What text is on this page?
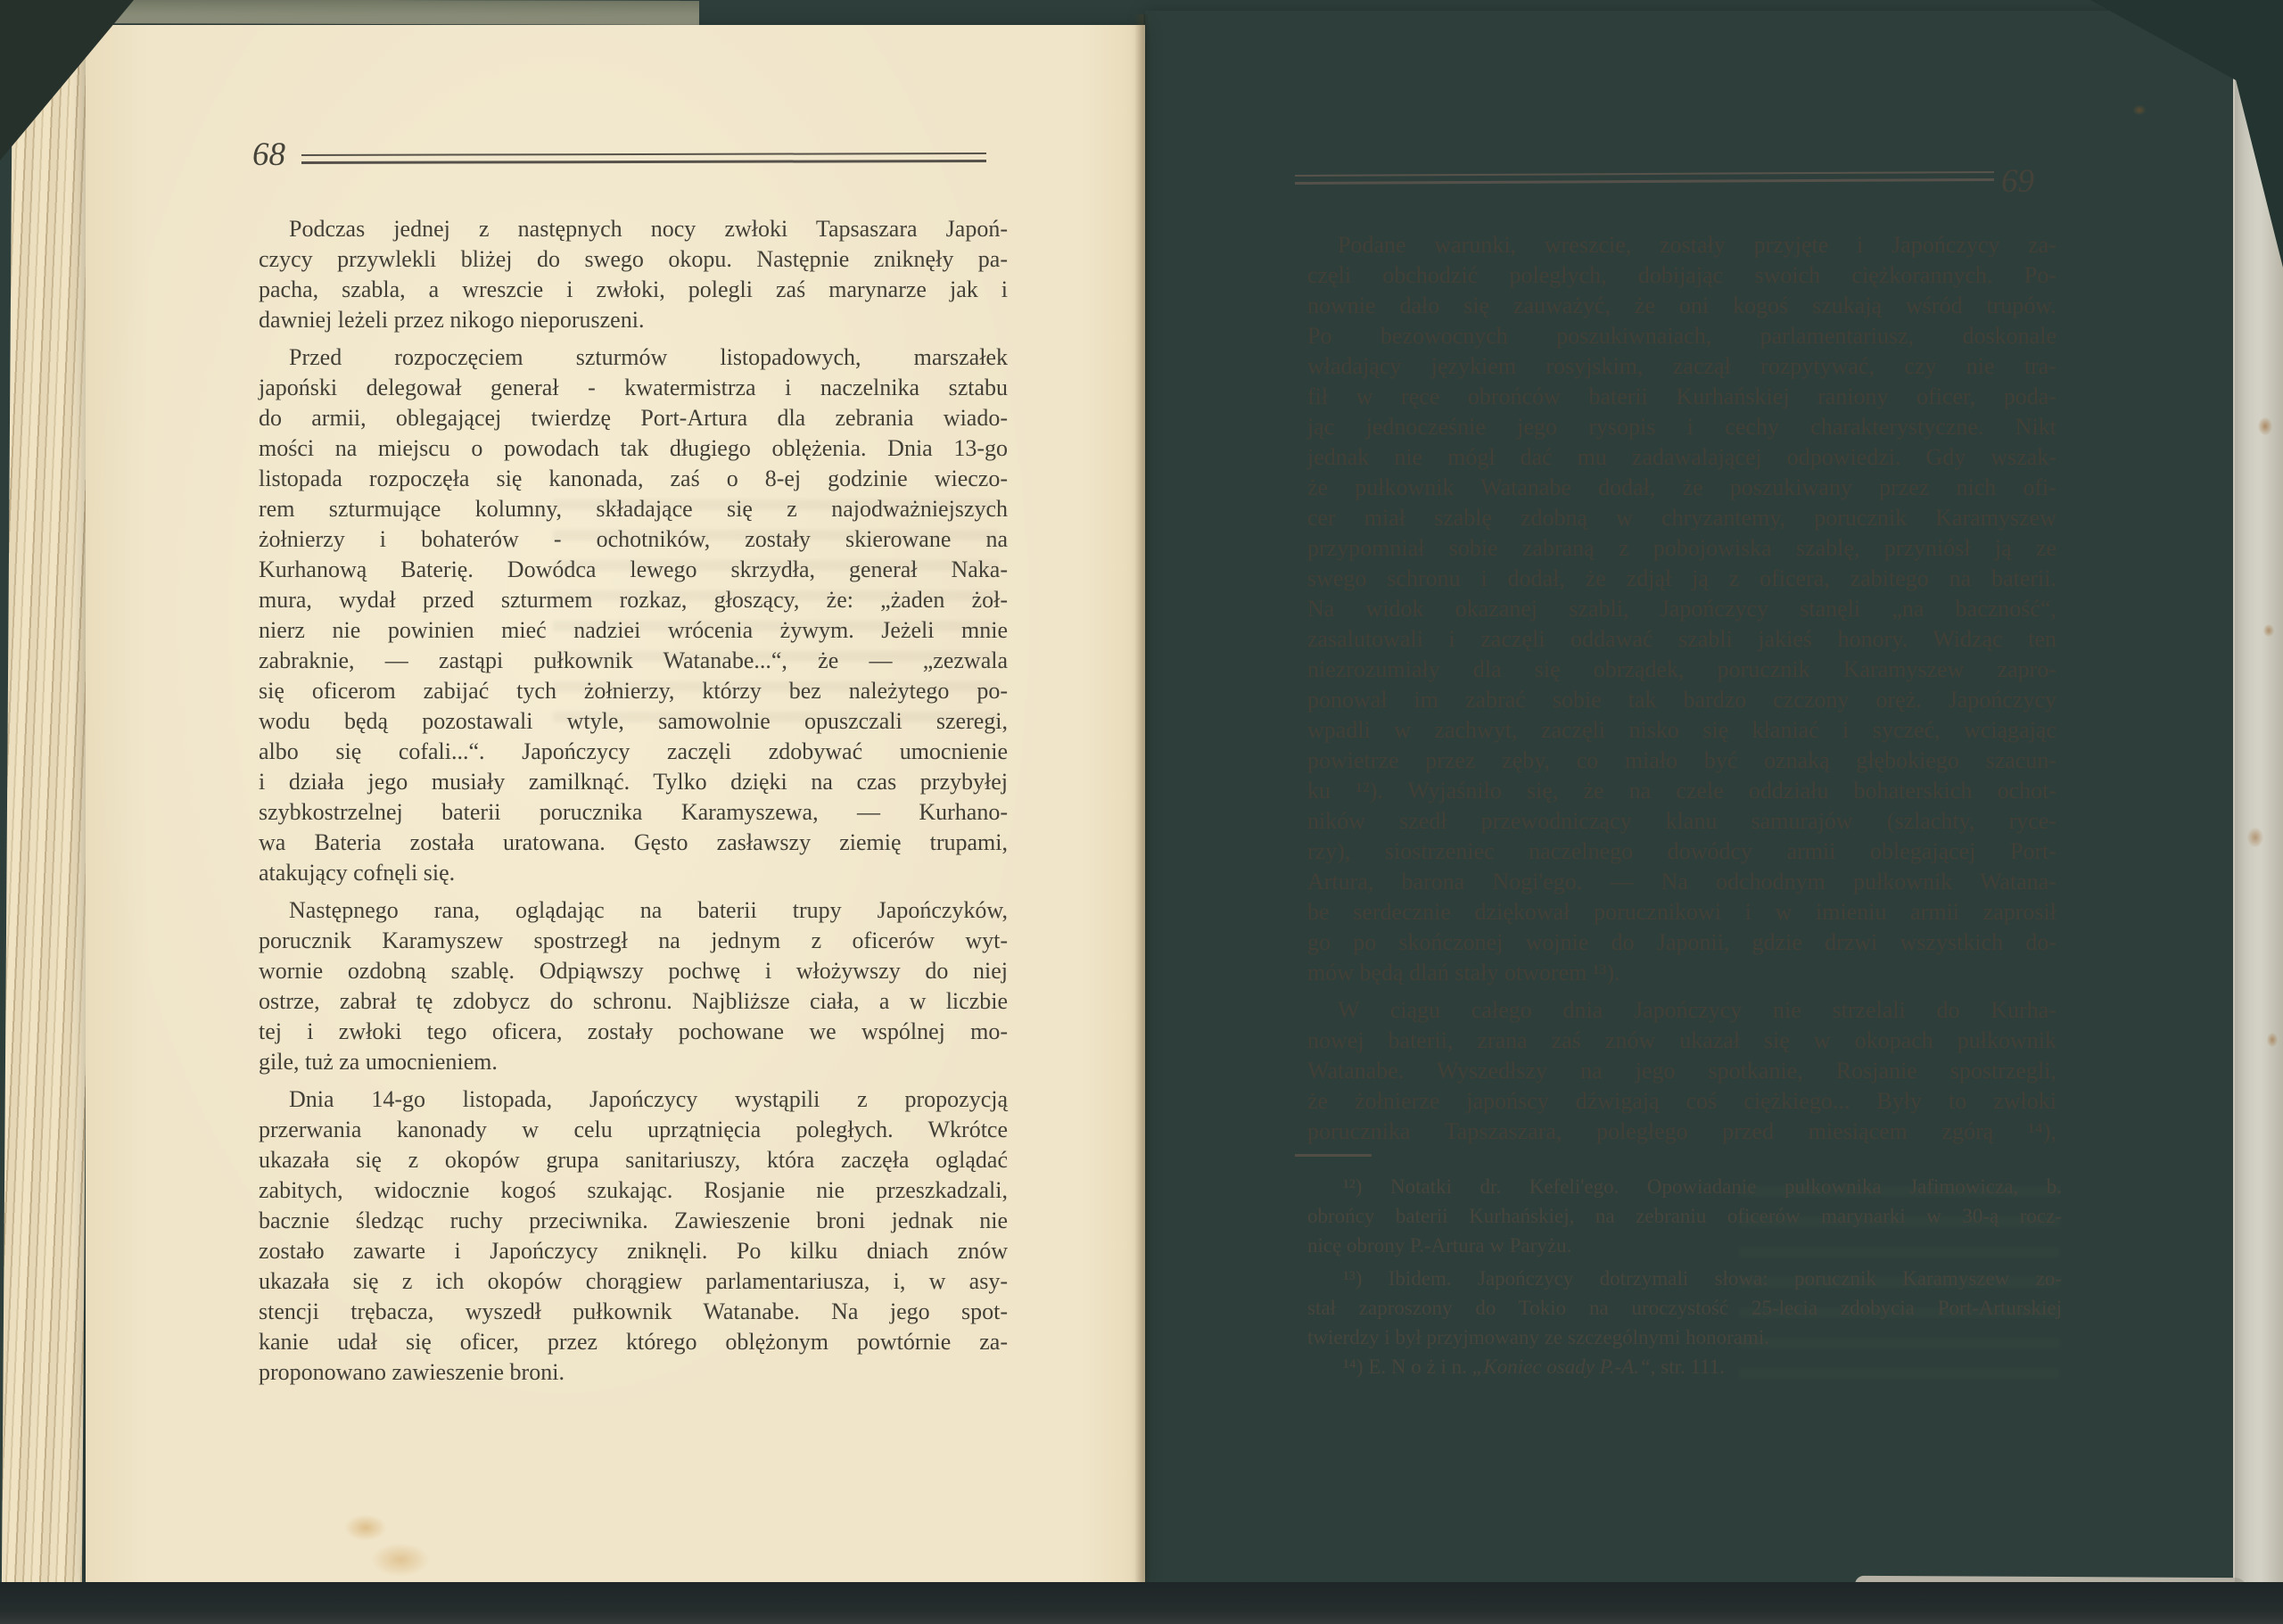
68
69
Podczas jednej z następnych nocy zwłoki Tapsaszara Japoń-
czycy przywlekli bliżej do swego okopu. Następnie zniknęły pa-
pacha, szabla, a wreszcie i zwłoki, polegli zaś marynarze jak i
dawniej leżeli przez nikogo nieporuszeni.
Przed rozpoczęciem szturmów listopadowych, marszałek
japoński delegował generał - kwatermistrza i naczelnika sztabu
do armii, oblegającej twierdzę Port-Artura dla zebrania wiado-
mości na miejscu o powodach tak długiego oblężenia. Dnia 13-go
listopada rozpoczęła się kanonada, zaś o 8-ej godzinie wieczo-
rem szturmujące kolumny, składające się z najodważniejszych
żołnierzy i bohaterów - ochotników, zostały skierowane na
Kurhanową Baterię. Dowódca lewego skrzydła, generał Naka-
mura, wydał przed szturmem rozkaz, głoszący, że: „żaden żoł-
nierz nie powinien mieć nadziei wrócenia żywym. Jeżeli mnie
zabraknie, — zastąpi pułkownik Watanabe...“, że — „zezwala
się oficerom zabijać tych żołnierzy, którzy bez należytego po-
wodu będą pozostawali wtyle, samowolnie opuszczali szeregi,
albo się cofali...“. Japończycy zaczęli zdobywać umocnienie
i działa jego musiały zamilknąć. Tylko dzięki na czas przybyłej
szybkostrzelnej baterii porucznika Karamyszewa, — Kurhano-
wa Bateria została uratowana. Gęsto zasławszy ziemię trupami,
atakujący cofnęli się.
Następnego rana, oglądając na baterii trupy Japończyków,
porucznik Karamyszew spostrzegł na jednym z oficerów wyt-
wornie ozdobną szablę. Odpiąwszy pochwę i włożywszy do niej
ostrze, zabrał tę zdobycz do schronu. Najbliższe ciała, a w liczbie
tej i zwłoki tego oficera, zostały pochowane we wspólnej mo-
gile, tuż za umocnieniem.
Dnia 14-go listopada, Japończycy wystąpili z propozycją
przerwania kanonady w celu uprzątnięcia poległych. Wkrótce
ukazała się z okopów grupa sanitariuszy, która zaczęła oglądać
zabitych, widocznie kogoś szukając. Rosjanie nie przeszkadzali,
bacznie śledząc ruchy przeciwnika. Zawieszenie broni jednak nie
zostało zawarte i Japończycy zniknęli. Po kilku dniach znów
ukazała się z ich okopów chorągiew parlamentariusza, i, w asy-
stencji trębacza, wyszedł pułkownik Watanabe. Na jego spot-
kanie udał się oficer, przez którego oblężonym powtórnie za-
proponowano zawieszenie broni.
Podane warunki, wreszcie, zostały przyjęte i Japończycy za-
częli obchodzić poległych, dobijając swoich ciężkorannych. Po-
nownie dało się zauważyć, że oni kogoś szukają wśród trupów.
Po bezowocnych poszukiwnaiach, parlamentariusz, doskonale
władający językiem rosyjskim, zaczął rozpytywać, czy nie tra-
fił w ręce obrońców baterii Kurhańskiej raniony oficer, poda-
jąc jednocześnie jego rysopis i cechy charakterystyczne. Nikt
jednak nie mógł dać mu zadawalającej odpowiedzi. Gdy wszak-
że pułkownik Watanabe dodał, że poszukiwany przez nich ofi-
cer miał szablę zdobną w chryzantemy, porucznik Karamyszew
przypomniał sobie zabraną z pobojowiska szablę, przyniósł ją ze
swego schronu i dodał, że zdjął ją z oficera, zabitego na baterii.
Na widok okazanej szabli, Japończycy stanęli „na baczność“,
zasalutowali i zaczęli oddawać szabli jakieś honory. Widząc ten
niezrozumiały dla się obrządek, porucznik Karamyszew zapro-
ponował im zabrać sobie tak bardzo czczony oręż. Japończycy
wpadli w zachwyt, zaczęli nisko się kłaniać i syczeć, wciągając
powietrze przez zęby, co miało być oznaką głębokiego szacun-
ku ¹²). Wyjaśniło się, że na czele oddziału bohaterskich ochot-
ników szedł przewodniczący klanu samurajów (szlachty, ryce-
rzy), siostrzeniec naczelnego dowódcy armii oblegającej Port-
Artura, barona Nogi'ego. — Na odchodnym pułkownik Watana-
be serdecznie dziękował porucznikowi i w imieniu armii zaprosił
go po skończonej wojnie do Japonii, gdzie drzwi wszystkich do-
mów będą dlań stały otworem ¹³).
W ciągu całego dnia Japończycy nie strzelali do Kurha-
nowej baterii, zrana zaś znów ukazał się w okopach pułkownik
Watanabe. Wyszedłszy na jego spotkanie, Rosjanie spostrzegli,
że żołnierze japońscy dźwigają coś ciężkiego... Były to zwłoki
porucznika Tapszaszara, poległego przed miesiącem zgórą ¹⁴),
¹²) Notatki dr. Kefeli'ego. Opowiadanie pułkownika Jafimowicza, b.
obrońcy baterii Kurhańskiej, na zebraniu oficerów marynarki w 30-ą rocz-
nicę obrony P.-Artura w Paryżu.
¹³) Ibidem. Japończycy dotrzymali słowa: porucznik Karamyszew zo-
stał zaproszony do Tokio na uroczystość 25-lecia zdobycia Port-Arturskiej
twierdzy i był przyjmowany ze szczególnymi honorami.
¹⁴) E. N o ż i n. „Koniec osady P.-A.“, str. 111.
